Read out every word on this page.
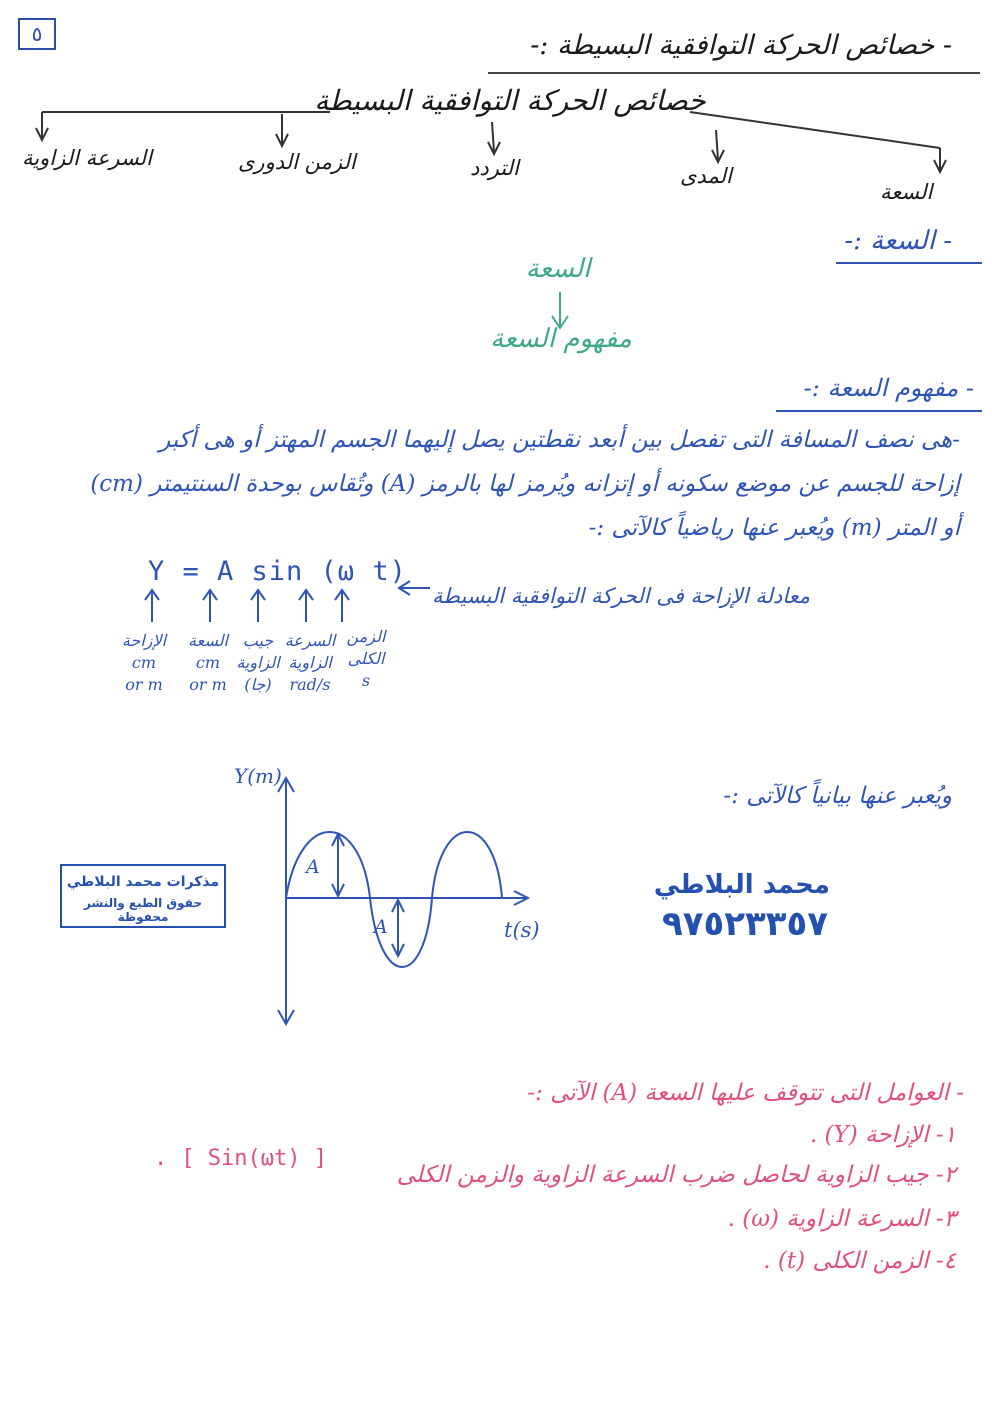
٥	- خصائص الحركة التوافقية البسيطة :-
خصائص الحركة التوافقية البسيطة
السعة
المدى
التردد
الزمن الدورى
السرعة الزاوية
- السعة :-
السعة
مفهوم السعة
- مفهوم السعة :-
-هى نصف المسافة التى تفصل بين أبعد نقطتين يصل إليهما الجسم المهتز أو هى أكبر
إزاحة للجسم عن موضع سكونه أو إتزانه ويُرمز لها بالرمز (A) وتُقاس بوحدة السنتيمتر (cm)
أو المتر (m) ويُعبر عنها رياضياً كالآتى :-
Y = A sin (ω t)
معادلة الإزاحة فى الحركة التوافقية البسيطة
الإزاحة
cm
or m
السعة
cm
or m
جيب الزاوية
(جا)
السرعة الزاوية
rad/s
الزمن الكلى
s
ويُعبر عنها بيانياً كالآتى :-
Y(m)
t(s)
A
A
مذكرات محمد البلاطي
حقوق الطبع والنشر محفوظة
محمد البلاطي
٩٧٥٢٣٣٥٧
- العوامل التى تتوقف عليها السعة (A) الآتى :-
١- الإزاحة (Y) .
٢- جيب الزاوية لحاصل ضرب السرعة الزاوية والزمن الكلى
. [ Sin(ωt) ]
٣- السرعة الزاوية (ω) .
٤- الزمن الكلى (t) .
